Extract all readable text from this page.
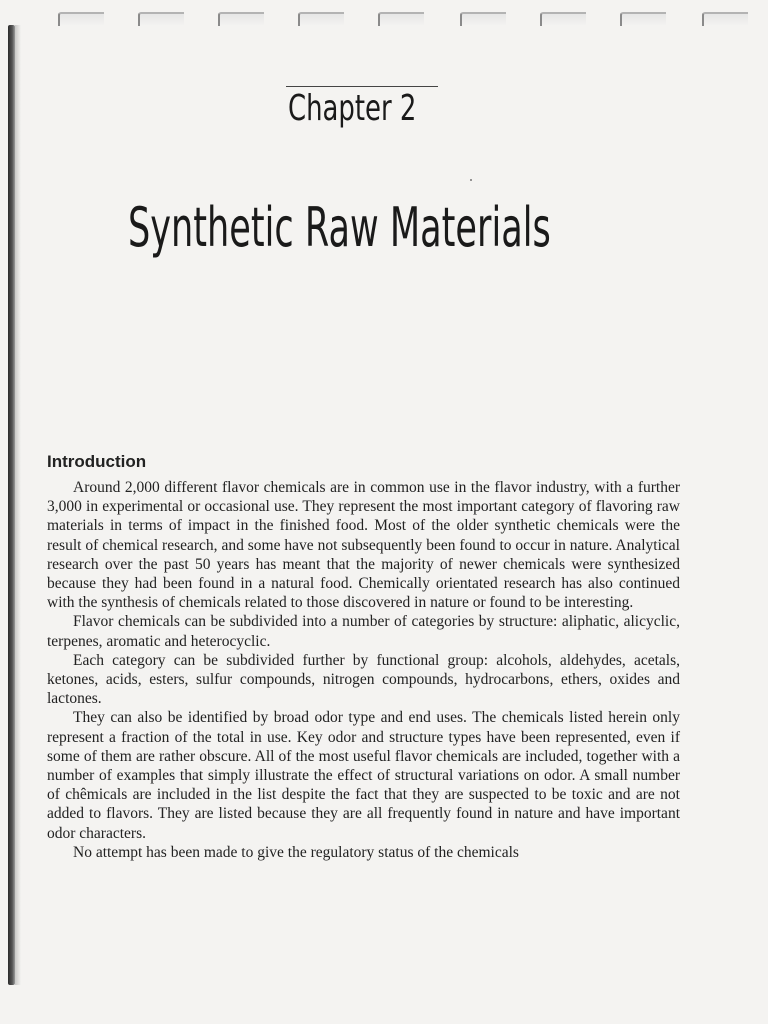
Chapter 2
Synthetic Raw Materials
Introduction

Around 2,000 different flavor chemicals are in common use in the flavor industry, with a further 3,000 in experimental or occasional use. They represent the most important category of flavoring raw materials in terms of impact in the finished food. Most of the older synthetic chemicals were the result of chemical research, and some have not subsequently been found to occur in nature. Analytical research over the past 50 years has meant that the majority of newer chemicals were synthesized because they had been found in a natural food. Chemically orientated research has also continued with the synthesis of chemicals related to those discovered in nature or found to be interesting.

Flavor chemicals can be subdivided into a number of categories by structure: aliphatic, alicyclic, terpenes, aromatic and heterocyclic.

Each category can be subdivided further by functional group: alcohols, aldehydes, acetals, ketones, acids, esters, sulfur compounds, nitrogen compounds, hydrocarbons, ethers, oxides and lactones.

They can also be identified by broad odor type and end uses. The chemicals listed herein only represent a fraction of the total in use. Key odor and structure types have been represented, even if some of them are rather obscure. All of the most useful flavor chemicals are included, together with a number of examples that simply illustrate the effect of structural variations on odor. A small number of chêmicals are included in the list despite the fact that they are suspected to be toxic and are not added to flavors. They are listed because they are all frequently found in nature and have important odor characters.

No attempt has been made to give the regulatory status of the chemicals
